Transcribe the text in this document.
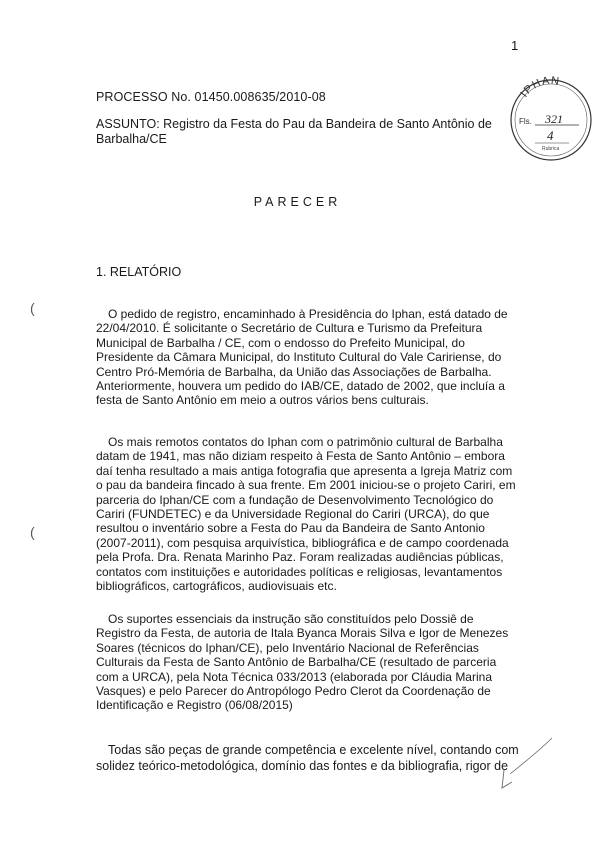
1
IPHAN
Fls. 321
4
Rubrica
PROCESSO No. 01450.008635/2010-08
ASSUNTO: Registro da Festa do Pau da Bandeira de Santo Antônio de
Barbalha/CE
PARECER
1. RELATÓRIO
O pedido de registro, encaminhado à Presidência do Iphan, está datado de
22/04/2010. É solicitante o Secretário de Cultura e Turismo da Prefeitura
Municipal de Barbalha / CE, com o endosso do Prefeito Municipal, do
Presidente da Câmara Municipal, do Instituto Cultural do Vale Caririense, do
Centro Pró-Memória de Barbalha, da União das Associações de Barbalha.
Anteriormente, houvera um pedido do IAB/CE, datado de 2002, que incluía a
festa de Santo Antônio em meio a outros vários bens culturais.
Os mais remotos contatos do Iphan com o patrimônio cultural de Barbalha
datam de 1941, mas não diziam respeito à Festa de Santo Antônio – embora
daí tenha resultado a mais antiga fotografia que apresenta a Igreja Matriz com
o pau da bandeira fincado à sua frente. Em 2001 iniciou-se o projeto Cariri, em
parceria do Iphan/CE com a fundação de Desenvolvimento Tecnológico do
Cariri (FUNDETEC) e da Universidade Regional do Cariri (URCA), do que
resultou o inventário sobre a Festa do Pau da Bandeira de Santo Antonio
(2007-2011), com pesquisa arquivística, bibliográfica e de campo coordenada
pela Profa. Dra. Renata Marinho Paz. Foram realizadas audiências públicas,
contatos com instituições e autoridades políticas e religiosas, levantamentos
bibliográficos, cartográficos, audiovisuais etc.
Os suportes essenciais da instrução são constituídos pelo Dossiê de
Registro da Festa, de autoria de Itala Byanca Morais Silva e Igor de Menezes
Soares (técnicos do Iphan/CE), pelo Inventário Nacional de Referências
Culturais da Festa de Santo Antônio de Barbalha/CE (resultado de parceria
com a URCA), pela Nota Técnica 033/2013 (elaborada por Cláudia Marina
Vasques) e pelo Parecer do Antropólogo Pedro Clerot da Coordenação de
Identificação e Registro (06/08/2015)
Todas são peças de grande competência e excelente nível, contando com
solidez teórico-metodológica, domínio das fontes e da bibliografia, rigor de
(
(
